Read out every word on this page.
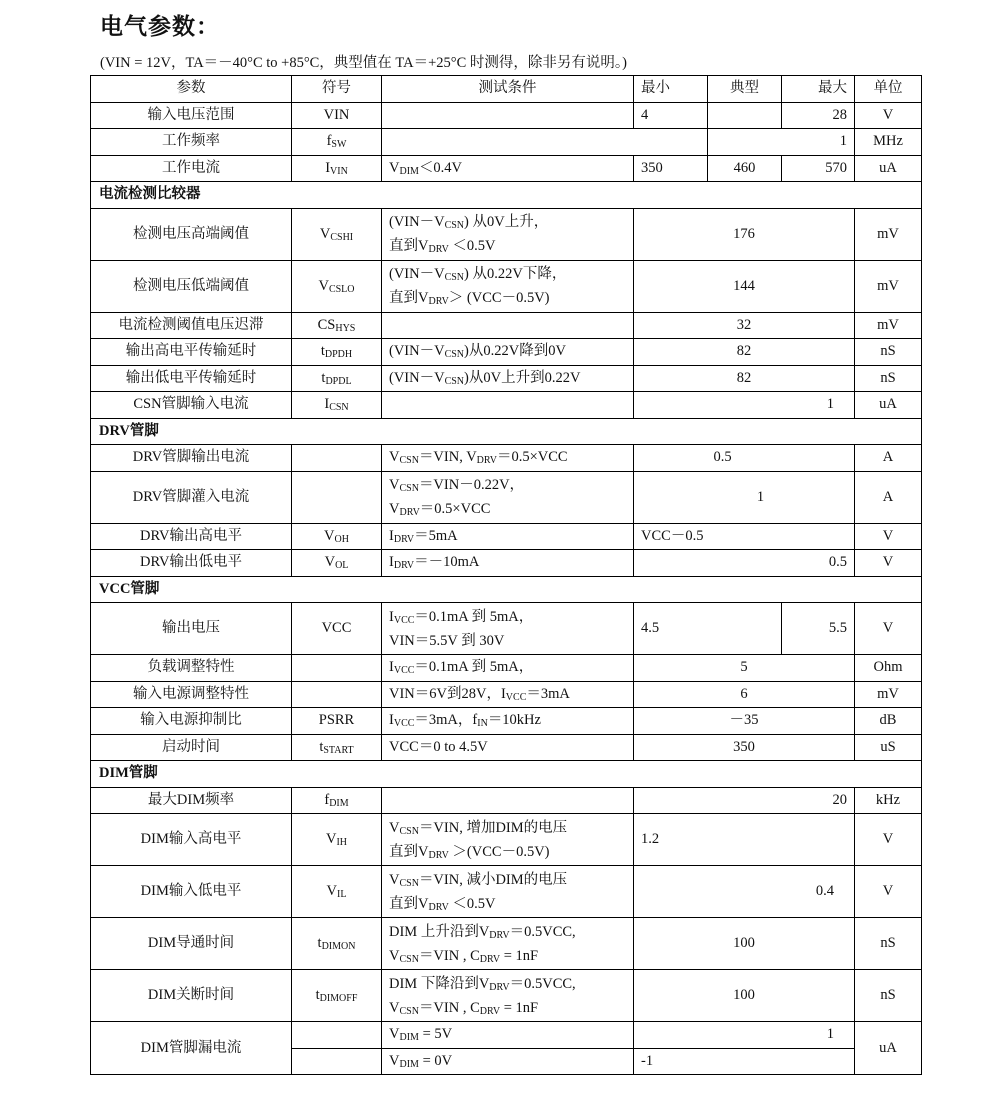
电气参数：
(VIN = 12V，TA＝－40°C to +85°C，典型值在 TA＝+25°C 时测得，除非另有说明。)
参数	符号	测试条件	最小	典型	最大	单位
输入电压范围	VIN		4		28	V
工作频率	$f_{SW}$			1		MHz
工作电流	$I_{VIN}$	$V_{DIM}<0.4V$	350	460	570	uA
电流检测比较器						
检测电压高端阈值	$V_{CSHI}$	$(VIN-V_{CSN})$ 从0V上升，
直到$V_{DRV} <0.5V$	176			mV
检测电压低端阈值	$V_{CSLO}$	$(VIN-V_{CSN})$ 从0.22V下降，
直到$V_{DRV}> (VCC-0.5V)$	144			mV
电流检测阈值电压迟滞	$CS_{HYS}$		32			mV
输出高电平传输延时	$t_{DPDH}$	$(VIN-V_{CSN})$从0.22V降到0V	82			nS
输出低电平传输延时	$t_{DPDL}$	$(VIN-V_{CSN})$从0V上升到0.22V	82			nS
CSN管脚输入电流	$I_{CSN}$		1			uA
DRV管脚						
DRV管脚输出电流		$V_{CSN}=VIN$, $V_{DRV}=0.5\times VCC$	0.5			A
DRV管脚灌入电流		$V_{CSN}=VIN-0.22V$，
$V_{DRV}=0.5\times VCC$	1			A
DRV输出高电平	$V_{OH}$	$I_{DRV}=5mA$	VCC－0.5			V
DRV输出低电平	$V_{OL}$	$I_{DRV}=-10mA$	0.5			V
VCC管脚						
输出电压	VCC	$I_{VCC}=0.1mA$ 到 5mA，
VIN＝5.5V 到 30V	4.5		5.5	V
负载调整特性		$I_{VCC}=0.1mA$ 到 5mA，	5			Ohm
输入电源调整特性		VIN＝6V到28V，$I_{VCC}=3mA$	6			mV
输入电源抑制比	PSRR	$I_{VCC}=3mA$，$f_{IN}=10kHz$	－35			dB
启动时间	$t_{START}$	VCC＝0 to 4.5V	350			uS
DIM管脚						
最大DIM频率	$f_{DIM}$		20			kHz
DIM输入高电平	$V_{IH}$	$V_{CSN}=VIN$, 增加DIM的电压
直到$V_{DRV} >(VCC-0.5V)$	1.2			V
DIM输入低电平	$V_{IL}$	$V_{CSN}=VIN$, 减小DIM的电压
直到$V_{DRV} <0.5V$	0.4			V
DIM导通时间	$t_{DIMON}$	DIM 上升沿到$V_{DRV}=0.5VCC$,
$V_{CSN}=VIN$ , $C_{DRV} = 1nF$	100			nS
DIM关断时间	$t_{DIMOFF}$	DIM 下降沿到$V_{DRV}=0.5VCC$,
$V_{CSN}=VIN$ , $C_{DRV} = 1nF$	100			nS
DIM管脚漏电流		$V_{DIM} = 5V$	1			uA
		$V_{DIM} = 0V$	-1			
